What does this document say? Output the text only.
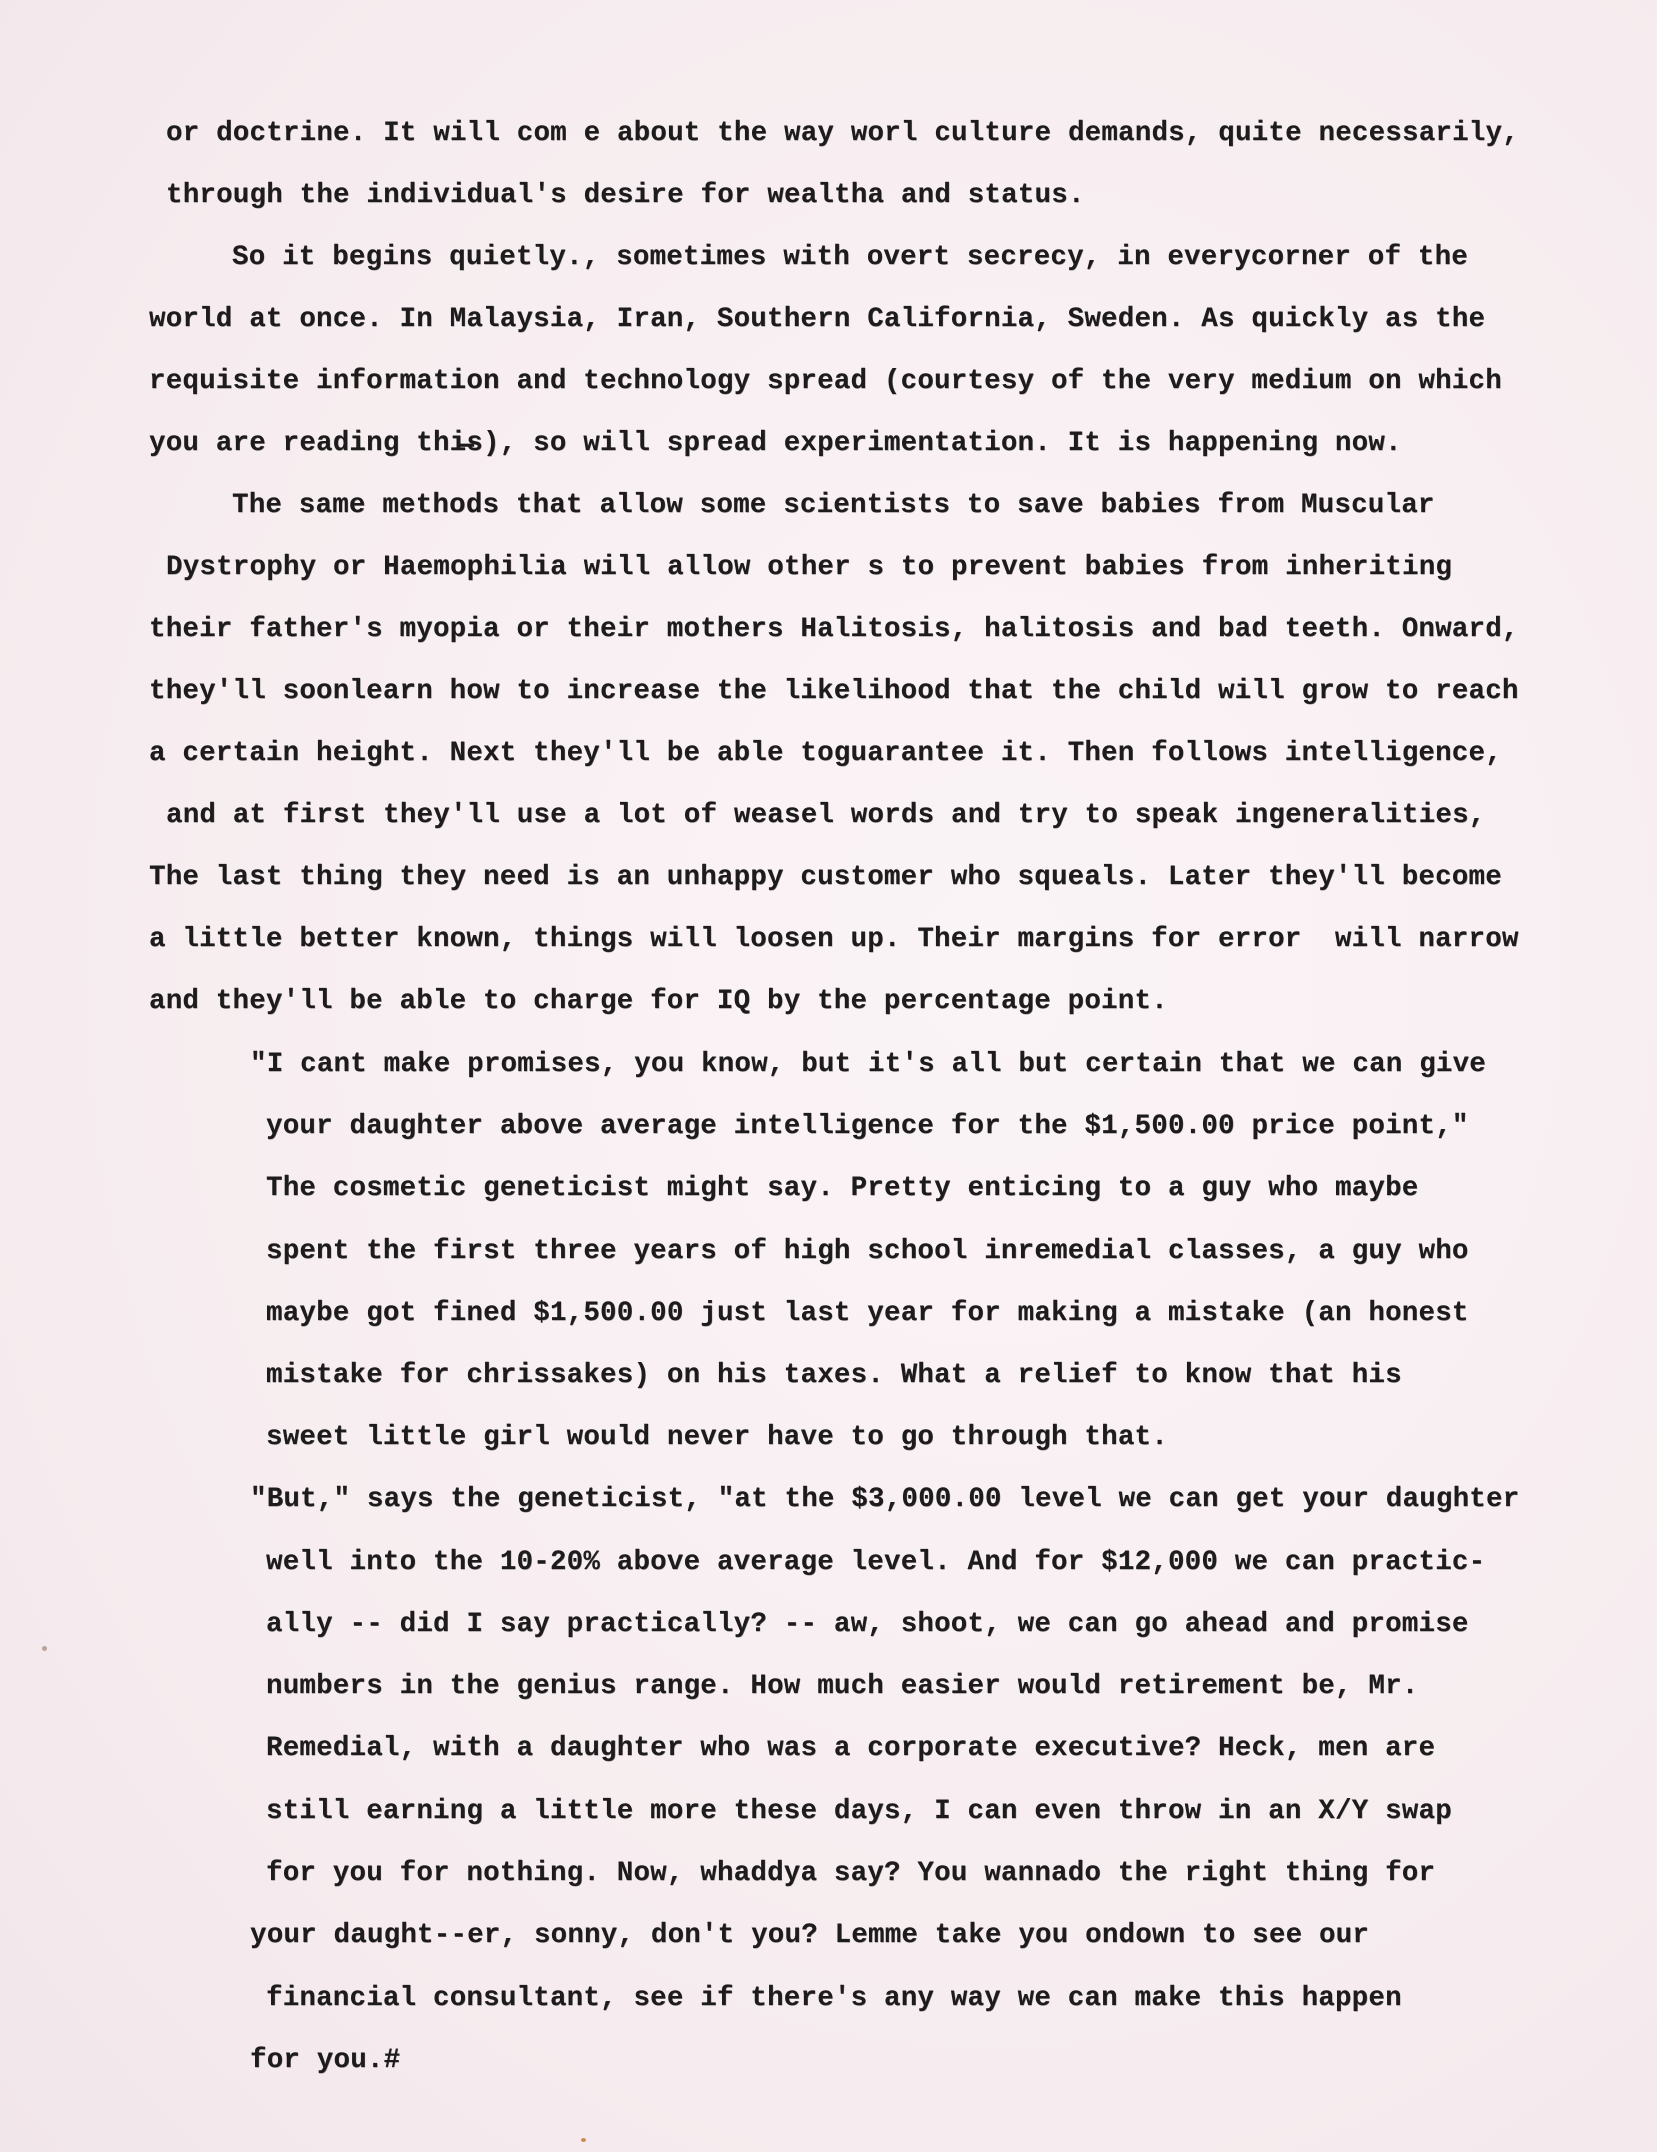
or doctrine. It will com e about the way worl culture demands, quite necessarily,
through the individual's desire for wealtha and status.
So it begins quietly., sometimes with overt secrecy, in everycorner of the
world at once. In Malaysia, Iran, Southern California, Sweden. As quickly as the
requisite information and technology spread (courtesy of the very medium on which
you are reading thi̶s), so will spread experimentation. It is happening now.
The same methods that allow some scientists to save babies from Muscular
Dystrophy or Haemophilia will allow other s to prevent babies from inheriting
their father's myopia or their mothers Halitosis, halitosis and bad teeth. Onward,
they'll soonlearn how to increase the likelihood that the child will grow to reach
a certain height. Next they'll be able toguarantee it. Then follows intelligence,
and at first they'll use a lot of weasel words and try to speak ingeneralities,
The last thing they need is an unhappy customer who squeals. Later they'll become
a little better known, things will loosen up. Their margins for error  will narrow
and they'll be able to charge for IQ by the percentage point.
"I cant make promises, you know, but it's all but certain that we can give
your daughter above average intelligence for the $1,500.00 price point,"
The cosmetic geneticist might say. Pretty enticing to a guy who maybe
spent the first three years of high school inremedial classes, a guy who
maybe got fined $1,500.00 just last year for making a mistake (an honest
mistake for chrissakes) on his taxes. What a relief to know that his
sweet little girl would never have to go through that.
"But," says the geneticist, "at the $3,000.00 level we can get your daughter
well into the 10-20% above average level. And for $12,000 we can practic-
ally -- did I say practically? -- aw, shoot, we can go ahead and promise
numbers in the genius range. How much easier would retirement be, Mr.
Remedial, with a daughter who was a corporate executive? Heck, men are
still earning a little more these days, I can even throw in an X/Y swap
for you for nothing. Now, whaddya say? You wannado the right thing for
your daught--er, sonny, don't you? Lemme take you ondown to see our
financial consultant, see if there's any way we can make this happen
for you.#
